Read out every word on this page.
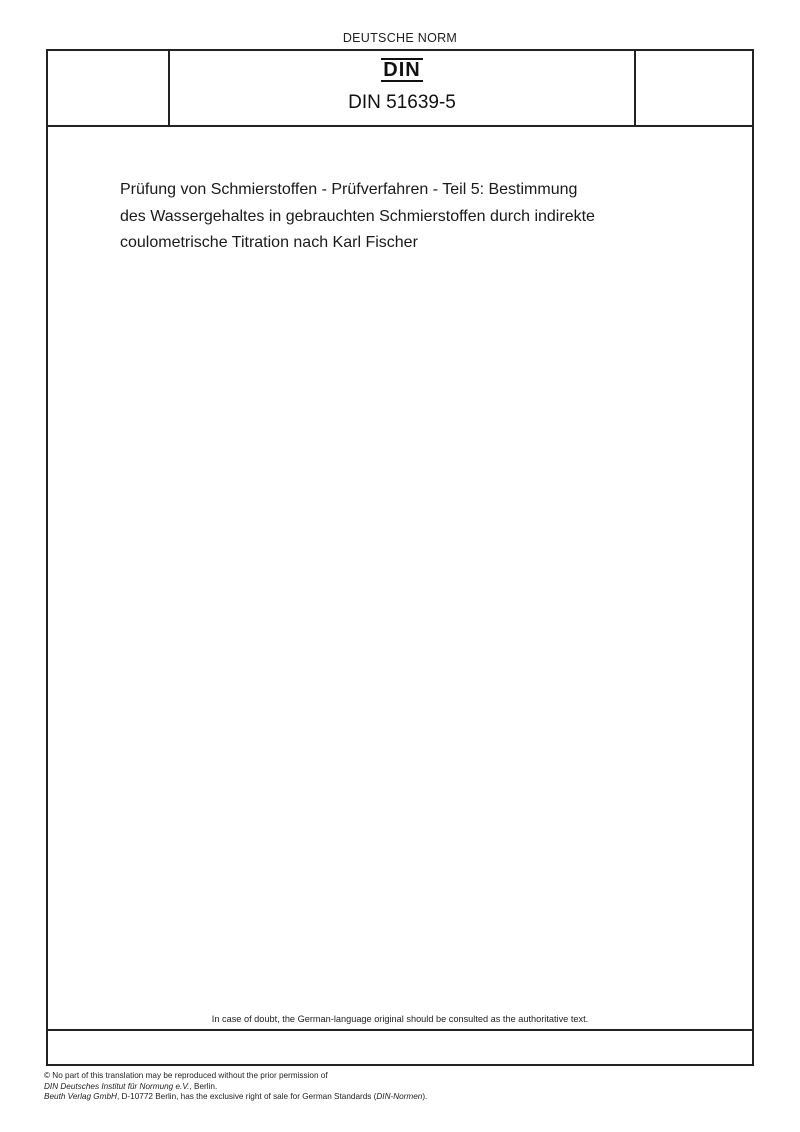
DEUTSCHE NORM
DIN
DIN 51639-5
Prüfung von Schmierstoffen - Prüfverfahren - Teil 5: Bestimmung
des Wassergehaltes in gebrauchten Schmierstoffen durch indirekte
coulometrische Titration nach Karl Fischer
In case of doubt, the German-language original should be consulted as the authoritative text.
© No part of this translation may be reproduced without the prior permission of
DIN Deutsches Institut für Normung e.V., Berlin.
Beuth Verlag GmbH, D-10772 Berlin, has the exclusive right of sale for German Standards (DIN-Normen).
